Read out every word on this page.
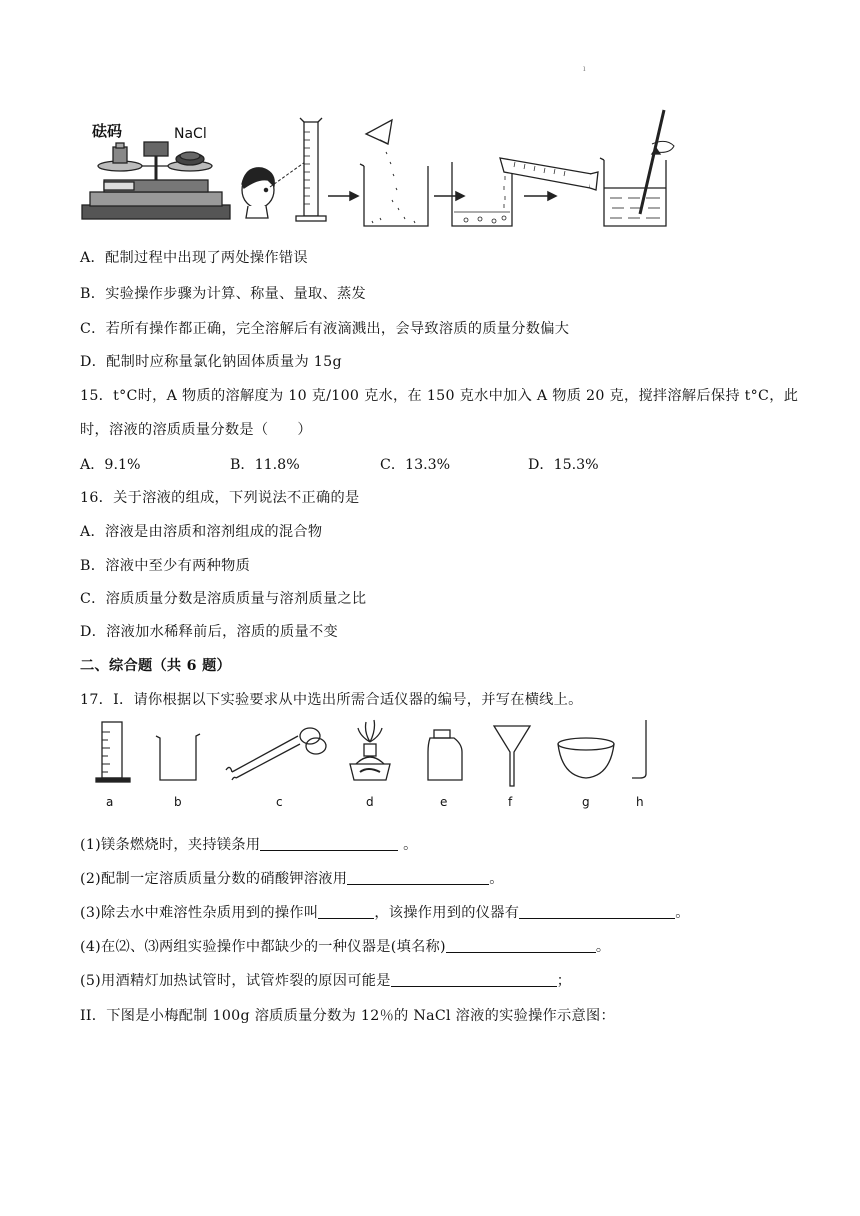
ı
砝码	NaCl
A．配制过程中出现了两处操作错误
B．实验操作步骤为计算、称量、量取、蒸发
C．若所有操作都正确，完全溶解后有液滴溅出，会导致溶质的质量分数偏大
D．配制时应称量氯化钠固体质量为 15g
15．t°C时，A 物质的溶解度为 10 克/100 克水，在 150 克水中加入 A 物质 20 克，搅拌溶解后保持 t°C，此
时，溶液的溶质质量分数是（　　）
A．9.1%	B．11.8%	C．13.3%	D．15.3%
16．关于溶液的组成，下列说法不正确的是
A．溶液是由溶质和溶剂组成的混合物
B．溶液中至少有两种物质
C．溶质质量分数是溶质质量与溶剂质量之比
D．溶液加水稀释前后，溶质的质量不变
二、综合题（共 6 题）
17．I．请你根据以下实验要求从中选出所需合适仪器的编号，并写在横线上。
a	b	c	d	e	f	g	h
(1)镁条燃烧时，夹持镁条用	。
(2)配制一定溶质质量分数的硝酸钾溶液用	。
(3)除去水中难溶性杂质用到的操作叫	，该操作用到的仪器有	。
(4)在⑵、⑶两组实验操作中都缺少的一种仪器是(填名称)	。
(5)用酒精灯加热试管时，试管炸裂的原因可能是	；
II．下图是小梅配制 100g 溶质质量分数为 12％的 NaCl 溶液的实验操作示意图：
